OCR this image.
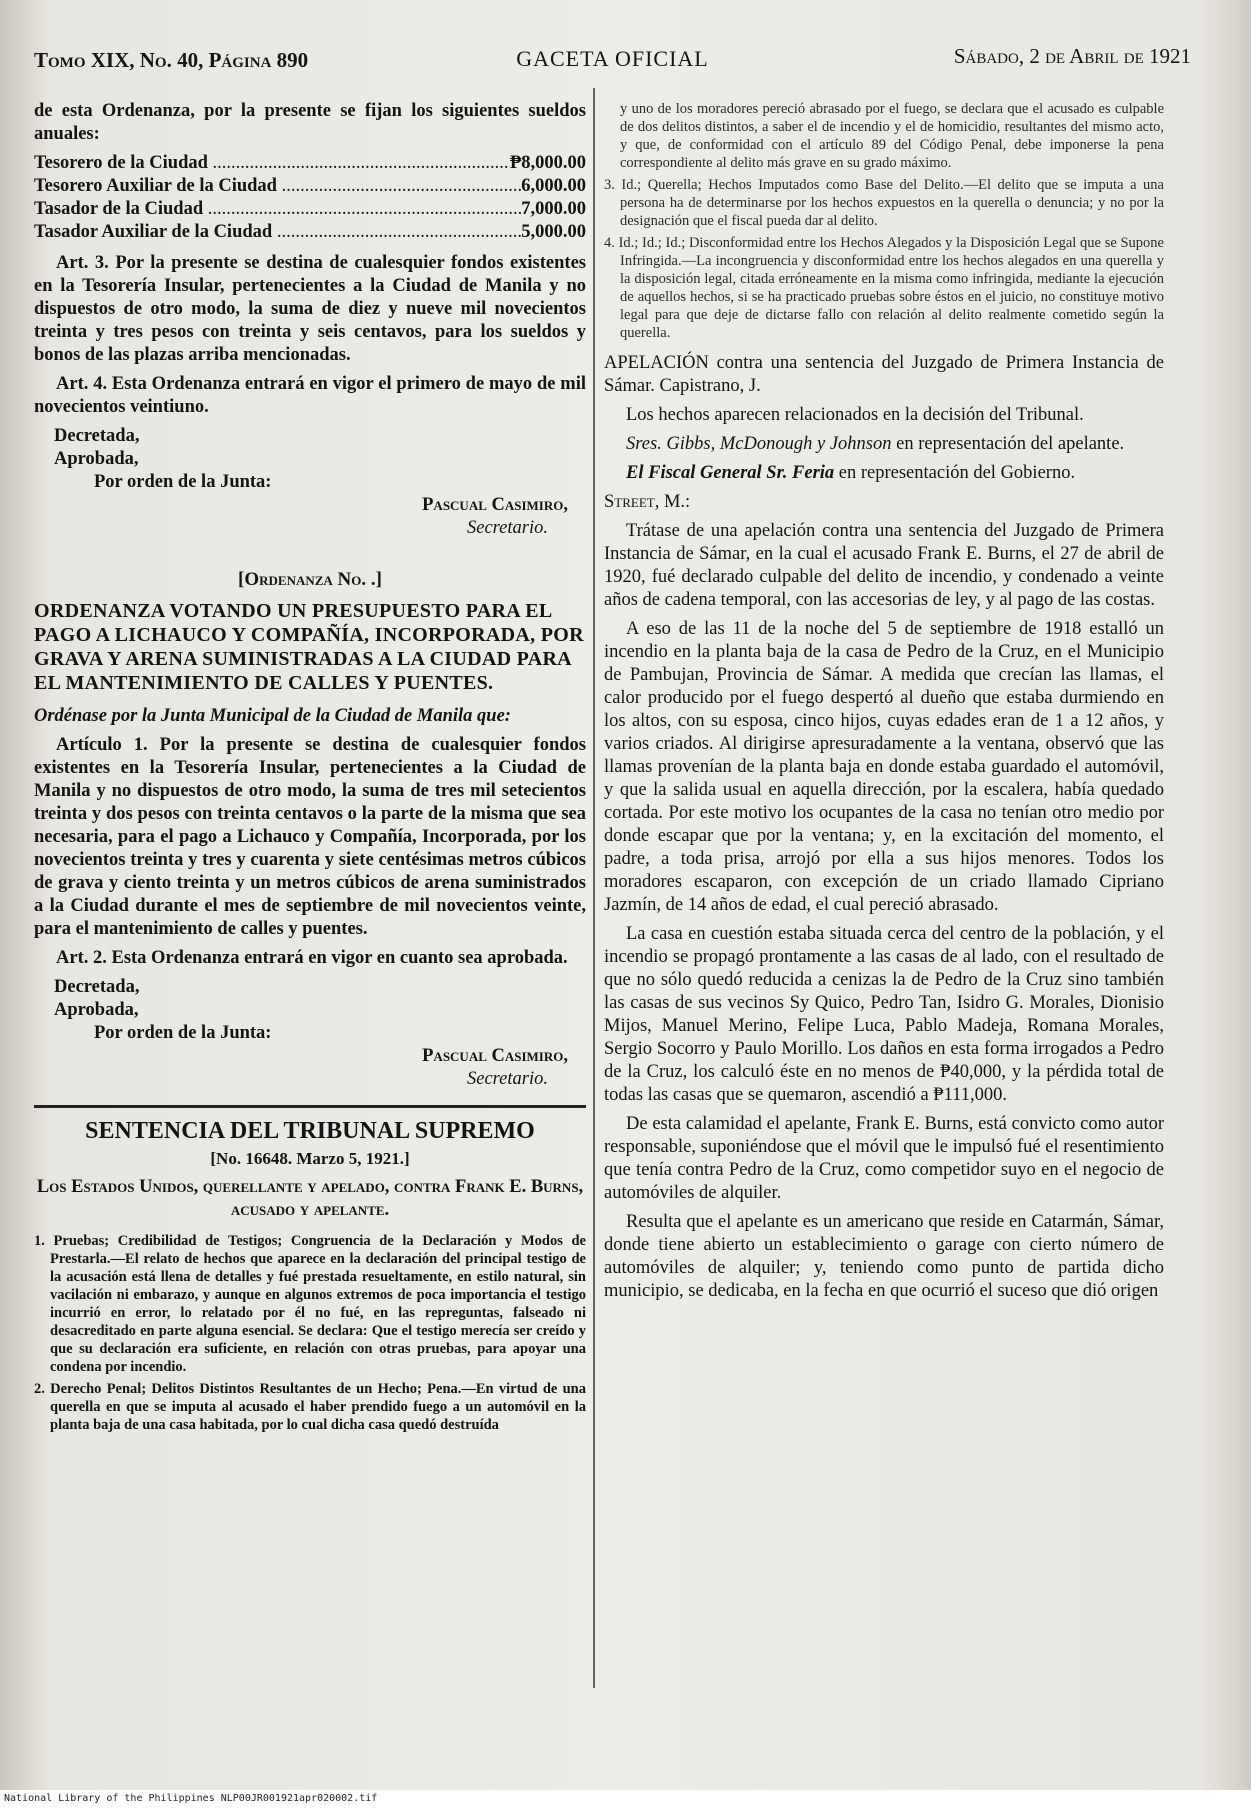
Tomo XIX, No. 40, Página 890	GACETA OFICIAL	Sábado, 2 de Abril de 1921

de esta Ordenanza, por la presente se fijan los siguientes sueldos anuales:

Tesorero de la Ciudad .....	₱8,000.00
Tesorero Auxiliar de la Ciudad .....	6,000.00
Tasador de la Ciudad .....	7,000.00
Tasador Auxiliar de la Ciudad .....	5,000.00

Art. 3. Por la presente se destina de cualesquier fondos existentes en la Tesorería Insular, pertenecientes a la Ciudad de Manila y no dispuestos de otro modo, la suma de diez y nueve mil novecientos treinta y tres pesos con treinta y seis centavos, para los sueldos y bonos de las plazas arriba mencionadas.

Art. 4. Esta Ordenanza entrará en vigor el primero de mayo de mil novecientos veintiuno.

Decretada,
Aprobada,
Por orden de la Junta:
Pascual Casimiro,
Secretario.
[Ordenanza No. .]
ORDENANZA VOTANDO UN PRESUPUESTO PARA EL PAGO A LICHAUCO Y COMPAÑÍA, INCORPORADA, POR GRAVA Y ARENA SUMINISTRADAS A LA CIUDAD PARA EL MANTENIMIENTO DE CALLES Y PUENTES.

Ordénase por la Junta Municipal de la Ciudad de Manila que:

Artículo 1. Por la presente se destina de cualesquier fondos existentes en la Tesorería Insular, pertenecientes a la Ciudad de Manila y no dispuestos de otro modo, la suma de tres mil setecientos treinta y dos pesos con treinta centavos o la parte de la misma que sea necesaria, para el pago a Lichauco y Compañía, Incorporada, por los novecientos treinta y tres y cuarenta y siete centésimas metros cúbicos de grava y ciento treinta y un metros cúbicos de arena suministrados a la Ciudad durante el mes de septiembre de mil novecientos veinte, para el mantenimiento de calles y puentes.

Art. 2. Esta Ordenanza entrará en vigor en cuanto sea aprobada.

Decretada,
Aprobada,
Por orden de la Junta:
Pascual Casimiro,
Secretario.
SENTENCIA DEL TRIBUNAL SUPREMO
[No. 16648. Marzo 5, 1921.]
Los Estados Unidos, querellante y apelado, contra Frank E. Burns, acusado y apelante.

1. Pruebas; Credibilidad de Testigos; Congruencia de la Declaración y Modos de Prestarla.—El relato de hechos que aparece en la declaración del principal testigo de la acusación está llena de detalles y fué prestada resueltamente, en estilo natural, sin vacilación ni embarazo, y aunque en algunos extremos de poca importancia el testigo incurrió en error, lo relatado por él no fué, en las repreguntas, falseado ni desacreditado en parte alguna esencial. Se declara: Que el testigo merecía ser creído y que su declaración era suficiente, en relación con otras pruebas, para apoyar una condena por incendio.

2. Derecho Penal; Delitos Distintos Resultantes de un Hecho; Pena.—En virtud de una querella en que se imputa al acusado el haber prendido fuego a un automóvil en la planta baja de una casa habitada, por lo cual dicha casa quedó destruída

y uno de los moradores pereció abrasado por el fuego, se declara que el acusado es culpable de dos delitos distintos, a saber el de incendio y el de homicidio, resultantes del mismo acto, y que, de conformidad con el artículo 89 del Código Penal, debe imponerse la pena correspondiente al delito más grave en su grado máximo.

3. Id.; Querella; Hechos Imputados como Base del Delito.—El delito que se imputa a una persona ha de determinarse por los hechos expuestos en la querella o denuncia; y no por la designación que el fiscal pueda dar al delito.

4. Id.; Id.; Id.; Disconformidad entre los Hechos Alegados y la Disposición Legal que se Supone Infringida.—La incongruencia y disconformidad entre los hechos alegados en una querella y la disposición legal, citada erróneamente en la misma como infringida, mediante la ejecución de aquellos hechos, si se ha practicado pruebas sobre éstos en el juicio, no constituye motivo legal para que deje de dictarse fallo con relación al delito realmente cometido según la querella.

APELACIÓN contra una sentencia del Juzgado de Primera Instancia de Sámar. Capistrano, J.

Los hechos aparecen relacionados en la decisión del Tribunal.

Sres. Gibbs, McDonough y Johnson en representación del apelante.

El Fiscal General Sr. Feria en representación del Gobierno.

Street, M.:

Trátase de una apelación contra una sentencia del Juzgado de Primera Instancia de Sámar, en la cual el acusado Frank E. Burns, el 27 de abril de 1920, fué declarado culpable del delito de incendio, y condenado a veinte años de cadena temporal, con las accesorias de ley, y al pago de las costas.

A eso de las 11 de la noche del 5 de septiembre de 1918 estalló un incendio en la planta baja de la casa de Pedro de la Cruz, en el Municipio de Pambujan, Provincia de Sámar. A medida que crecían las llamas, el calor producido por el fuego despertó al dueño que estaba durmiendo en los altos, con su esposa, cinco hijos, cuyas edades eran de 1 a 12 años, y varios criados. Al dirigirse apresuradamente a la ventana, observó que las llamas provenían de la planta baja en donde estaba guardado el automóvil, y que la salida usual en aquella dirección, por la escalera, había quedado cortada. Por este motivo los ocupantes de la casa no tenían otro medio por donde escapar que por la ventana; y, en la excitación del momento, el padre, a toda prisa, arrojó por ella a sus hijos menores. Todos los moradores escaparon, con excepción de un criado llamado Cipriano Jazmín, de 14 años de edad, el cual pereció abrasado.

La casa en cuestión estaba situada cerca del centro de la población, y el incendio se propagó prontamente a las casas de al lado, con el resultado de que no sólo quedó reducida a cenizas la de Pedro de la Cruz sino también las casas de sus vecinos Sy Quico, Pedro Tan, Isidro G. Morales, Dionisio Mijos, Manuel Merino, Felipe Luca, Pablo Madeja, Romana Morales, Sergio Socorro y Paulo Morillo. Los daños en esta forma irrogados a Pedro de la Cruz, los calculó éste en no menos de ₱40,000, y la pérdida total de todas las casas que se quemaron, ascendió a ₱111,000.

De esta calamidad el apelante, Frank E. Burns, está convicto como autor responsable, suponiéndose que el móvil que le impulsó fué el resentimiento que tenía contra Pedro de la Cruz, como competidor suyo en el negocio de automóviles de alquiler.

Resulta que el apelante es un americano que reside en Catarmán, Sámar, donde tiene abierto un establecimiento o garage con cierto número de automóviles de alquiler; y, teniendo como punto de partida dicho municipio, se dedicaba, en la fecha en que ocurrió el suceso que dió origen

National Library of the Philippines NLP00JR001921apr020002.tif
